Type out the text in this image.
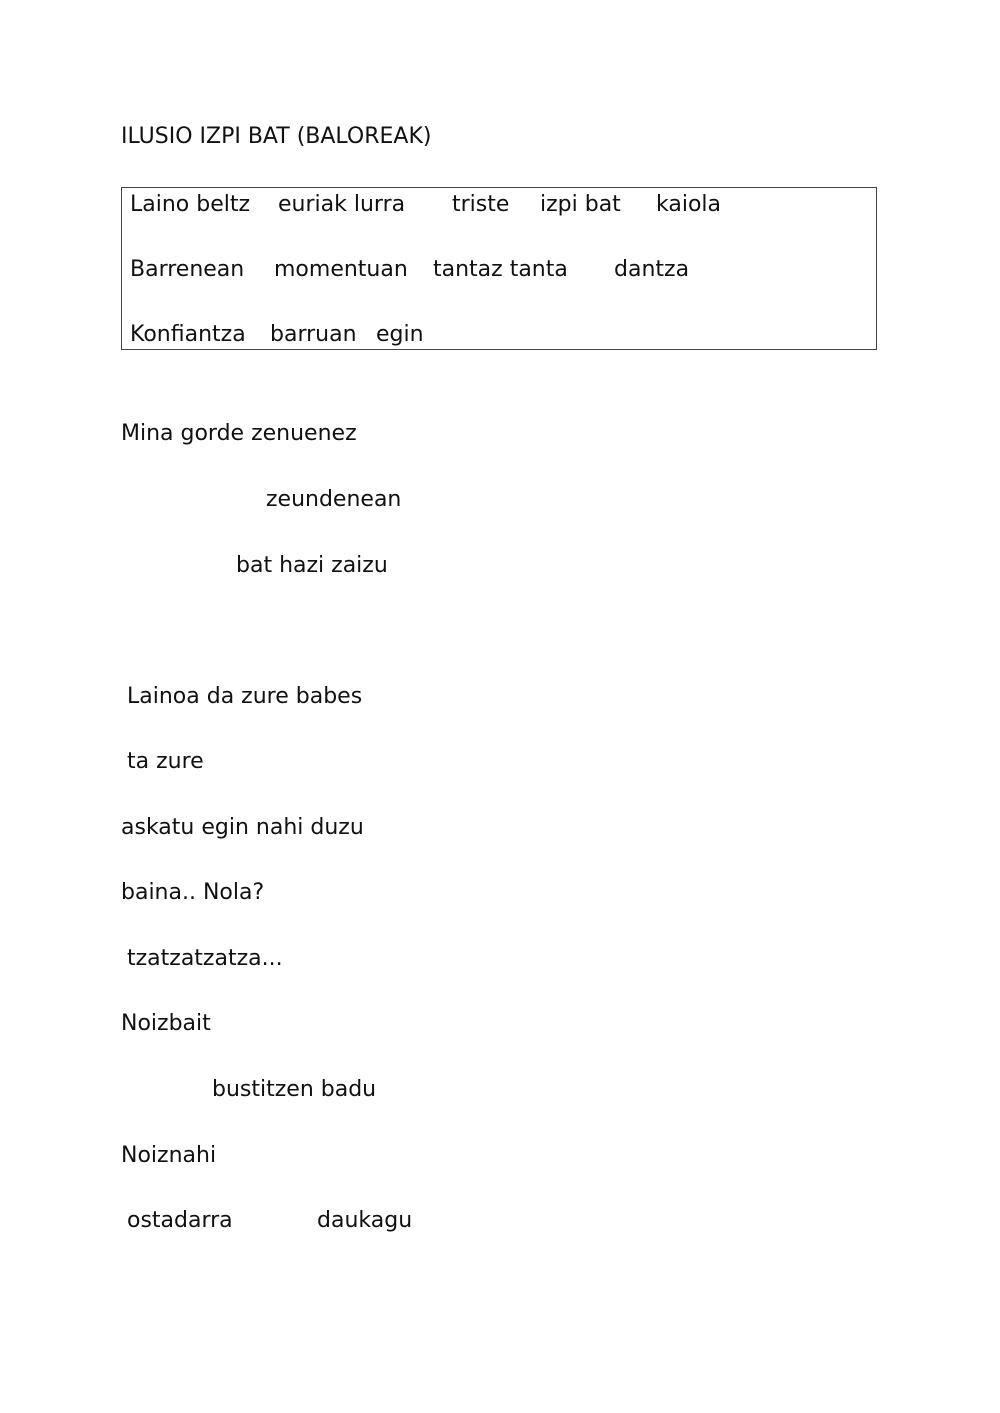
ILUSIO IZPI BAT (BALOREAK)
Laino beltz euriak lurra triste izpi bat kaiola
Barrenean momentuan tantaz tanta dantza
Konfiantza barruan egin
Mina gorde zenuenez
zeundenean
bat hazi zaizu
Lainoa da zure babes
ta zure
askatu egin nahi duzu
baina.. Nola?
tzatzatzatza...
Noizbait
bustitzen badu
Noiznahi
ostadarra	daukagu
